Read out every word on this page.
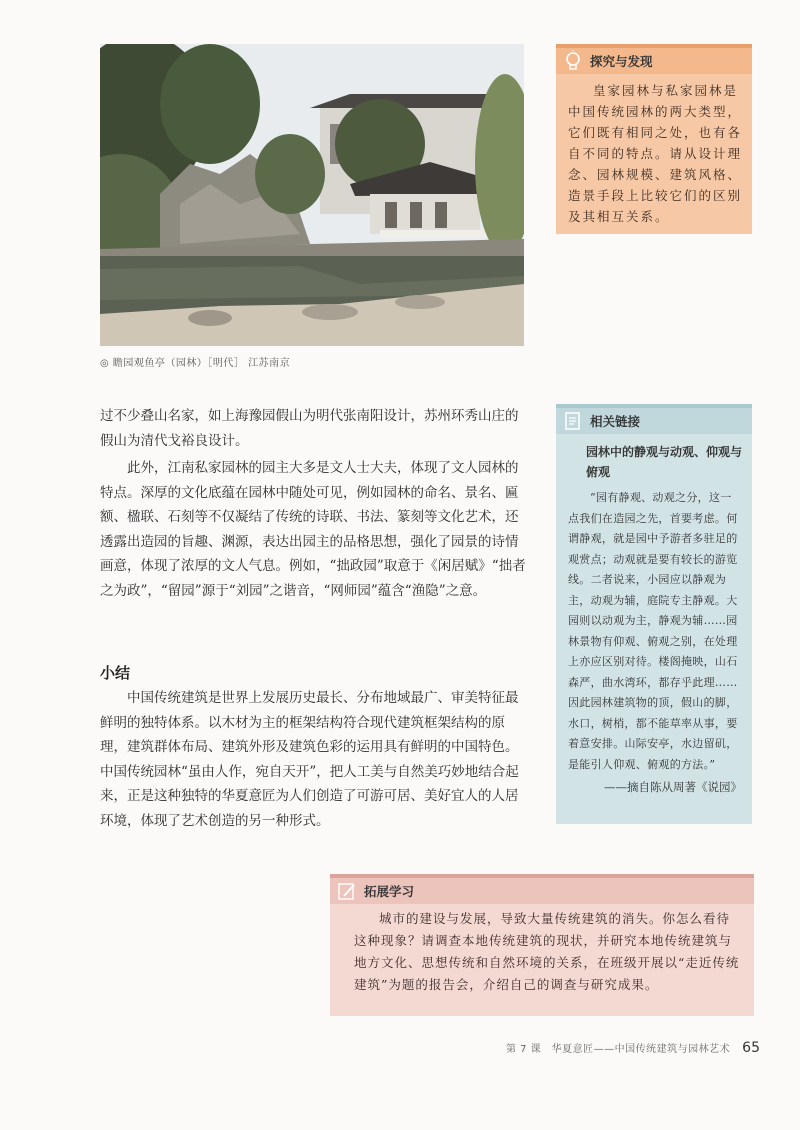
◎ 瞻园观鱼亭（园林）［明代］ 江苏南京
探究与发现
皇家园林与私家园林是中国传统园林的两大类型，它们既有相同之处，也有各自不同的特点。请从设计理念、园林规模、建筑风格、造景手段上比较它们的区别及其相互关系。
过不少叠山名家，如上海豫园假山为明代张南阳设计，苏州环秀山庄的假山为清代戈裕良设计。
此外，江南私家园林的园主大多是文人士大夫，体现了文人园林的特点。深厚的文化底蕴在园林中随处可见，例如园林的命名、景名、匾额、楹联、石刻等不仅凝结了传统的诗联、书法、篆刻等文化艺术，还透露出造园的旨趣、渊源，表达出园主的品格思想，强化了园景的诗情画意，体现了浓厚的文人气息。例如，“拙政园”取意于《闲居赋》“拙者之为政”，“留园”源于“刘园”之谐音，“网师园”蕴含“渔隐”之意。
小结
中国传统建筑是世界上发展历史最长、分布地域最广、审美特征最鲜明的独特体系。以木材为主的框架结构符合现代建筑框架结构的原理，建筑群体布局、建筑外形及建筑色彩的运用具有鲜明的中国特色。中国传统园林“虽由人作，宛自天开”，把人工美与自然美巧妙地结合起来，正是这种独特的华夏意匠为人们创造了可游可居、美好宜人的人居环境，体现了艺术创造的另一种形式。
相关链接
园林中的静观与动观、仰观与俯观
“园有静观、动观之分，这一点我们在造园之先，首要考虑。何谓静观，就是园中予游者多驻足的观赏点；动观就是要有较长的游览线。二者说来，小园应以静观为主，动观为辅，庭院专主静观。大园则以动观为主，静观为辅……园林景物有仰观、俯观之别，在处理上亦应区别对待。楼阁掩映，山石森严，曲水湾环，都存乎此理……因此园林建筑物的顶，假山的脚，水口，树梢，都不能草率从事，要着意安排。山际安亭，水边留矶，是能引人仰观、俯观的方法。”
——摘自陈从周著《说园》
拓展学习
城市的建设与发展，导致大量传统建筑的消失。你怎么看待这种现象？请调查本地传统建筑的现状，并研究本地传统建筑与地方文化、思想传统和自然环境的关系，在班级开展以“走近传统建筑”为题的报告会，介绍自己的调查与研究成果。
第 7 课　华夏意匠——中国传统建筑与园林艺术 65
